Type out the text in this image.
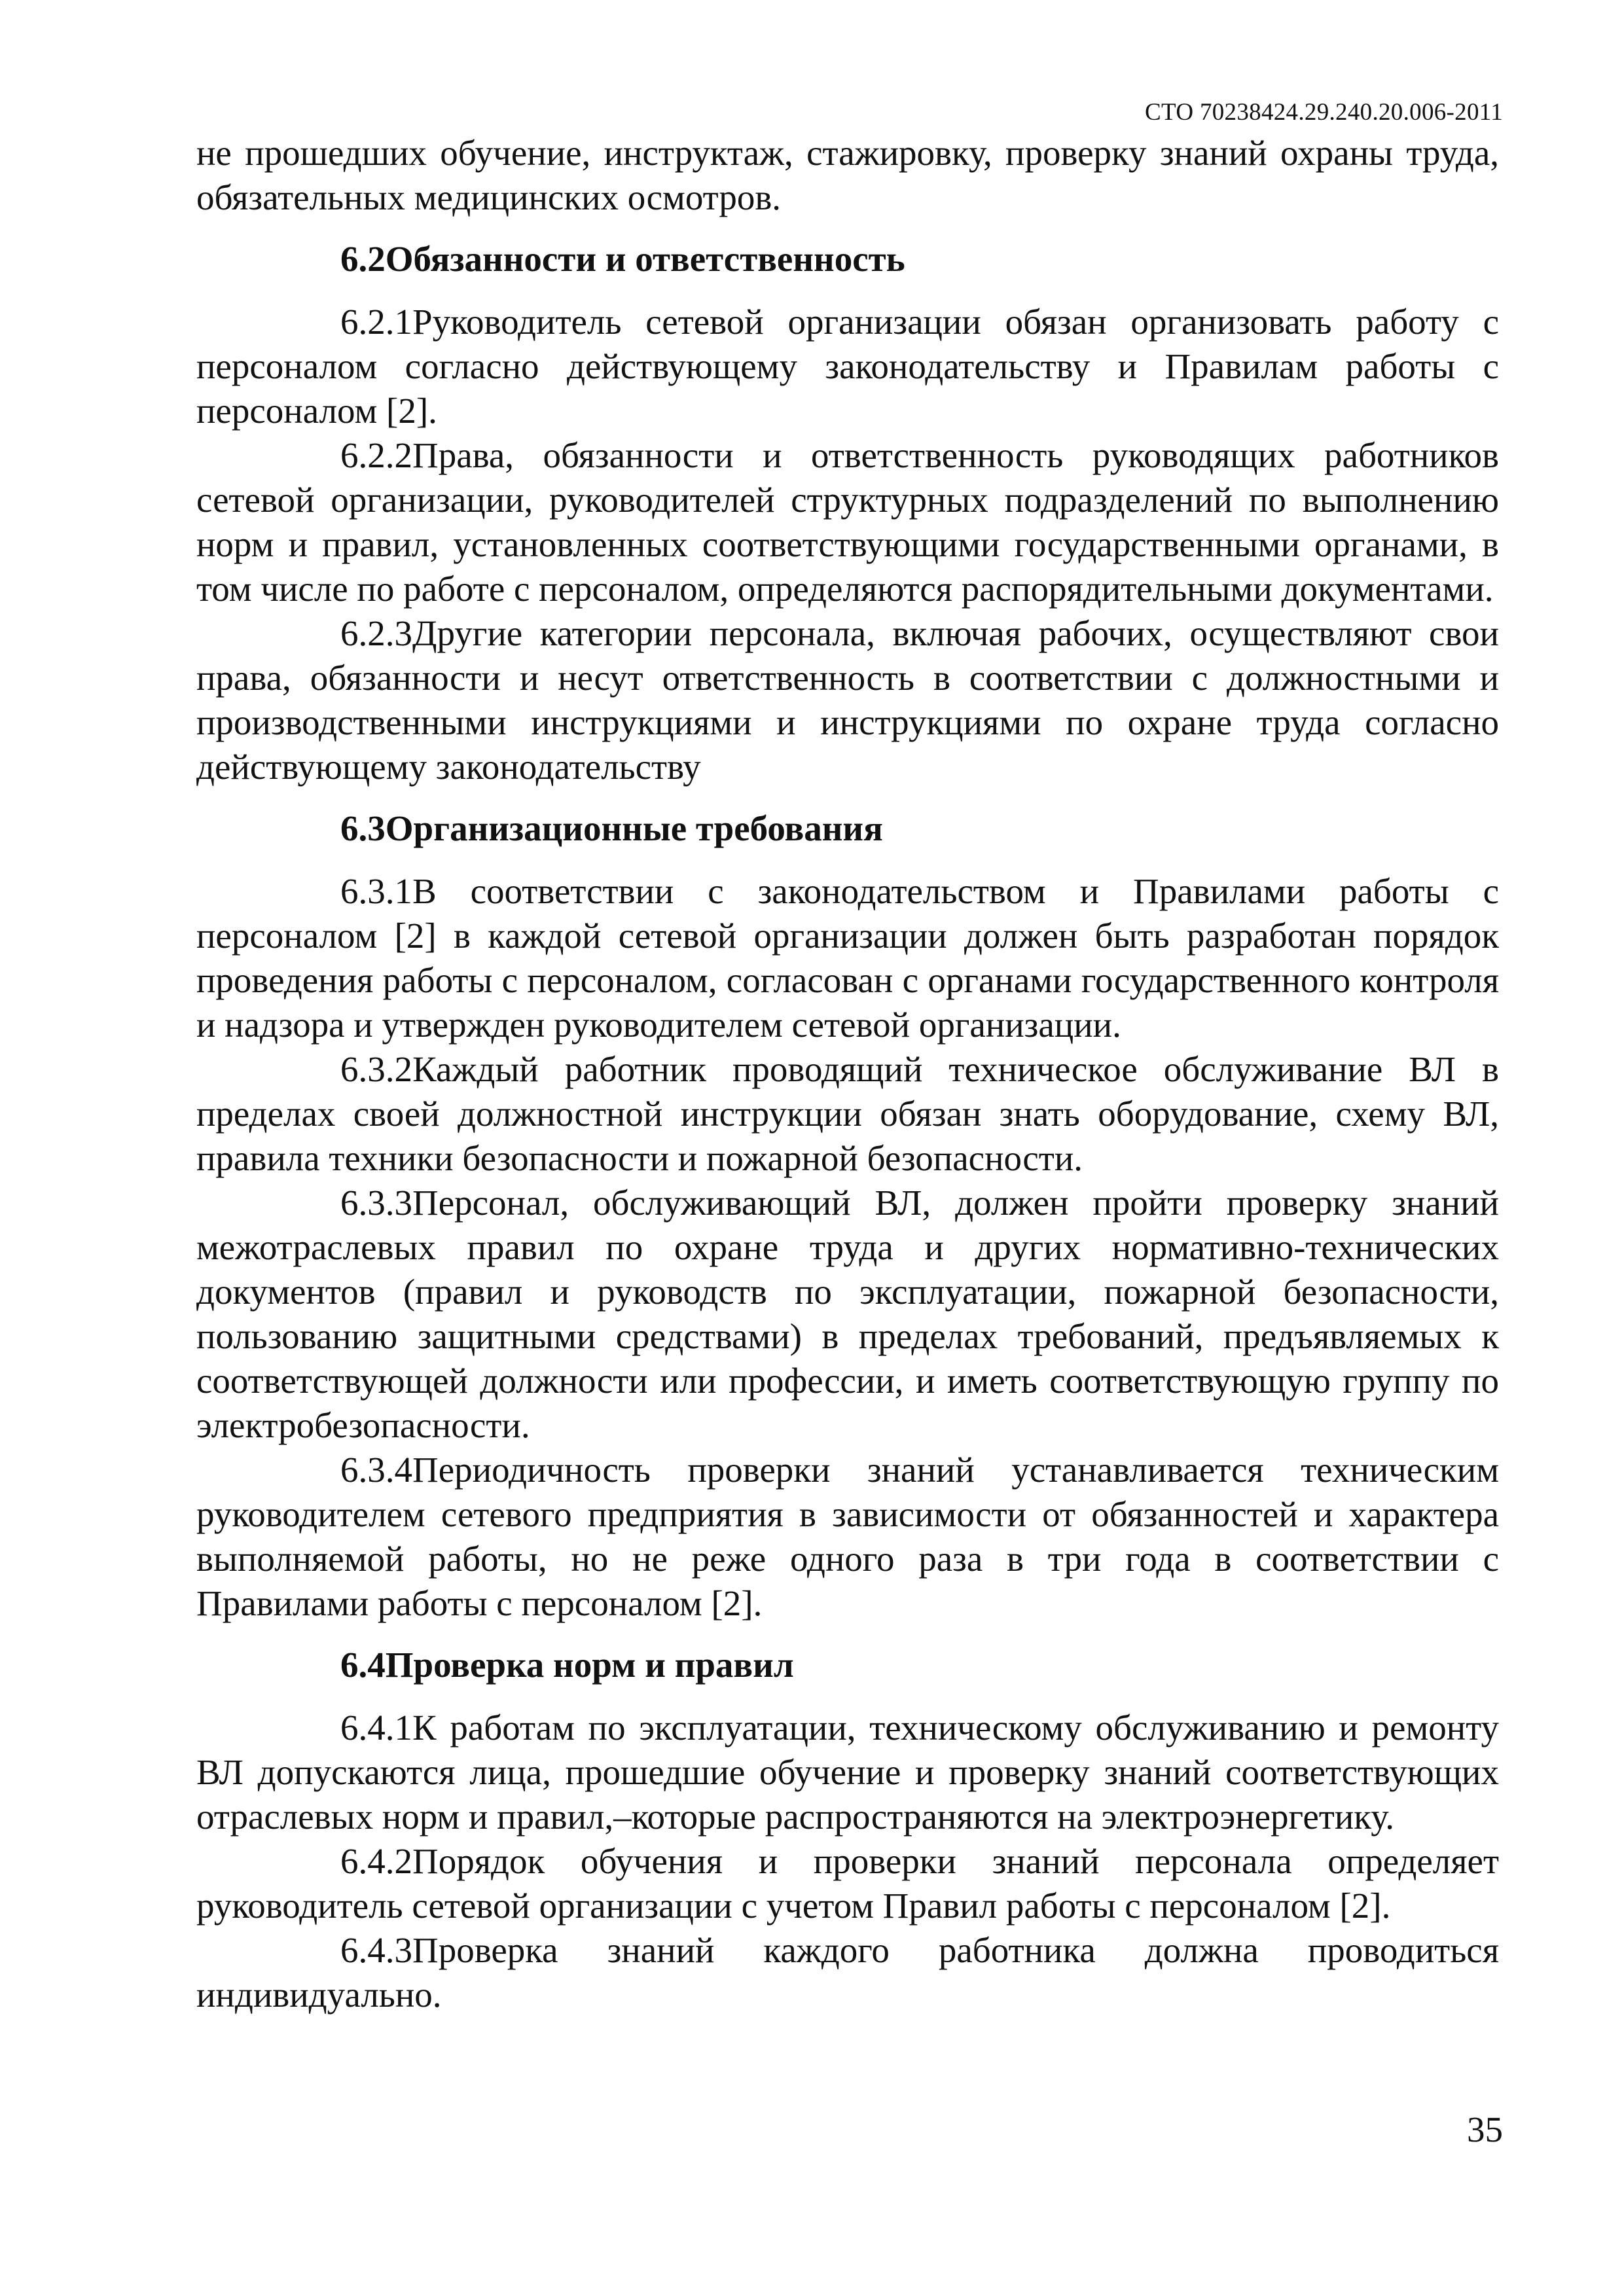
СТО 70238424.29.240.20.006-2011

не прошедших обучение, инструктаж, стажировку, проверку знаний охраны труда, обязательных медицинских осмотров.

6.2Обязанности и ответственность

6.2.1Руководитель сетевой организации обязан организовать работу с персоналом согласно действующему законодательству и Правилам работы с персоналом [2].

6.2.2Права, обязанности и ответственность руководящих работников сетевой организации, руководителей структурных подразделений по выполнению норм и правил, установленных соответствующими государственными органами, в том числе по работе с персоналом, определяются распорядительными документами.

6.2.3Другие категории персонала, включая рабочих, осуществляют свои права, обязанности и несут ответственность в соответствии с должностными и производственными инструкциями и инструкциями по охране труда согласно действующему законодательству

6.3Организационные требования

6.3.1В соответствии с законодательством и Правилами работы с персоналом [2] в каждой сетевой организации должен быть разработан порядок проведения работы с персоналом, согласован с органами государственного контроля и надзора и утвержден руководителем сетевой организации.

6.3.2Каждый работник проводящий техническое обслуживание ВЛ в пределах своей должностной инструкции обязан знать оборудование, схему ВЛ, правила техники безопасности и пожарной безопасности.

6.3.3Персонал, обслуживающий ВЛ, должен пройти проверку знаний межотраслевых правил по охране труда и других нормативно-технических документов (правил и руководств по эксплуатации, пожарной безопасности, пользованию защитными средствами) в пределах требований, предъявляемых к соответствующей должности или профессии, и иметь соответствующую группу по электробезопасности.

6.3.4Периодичность проверки знаний устанавливается техническим руководителем сетевого предприятия в зависимости от обязанностей и характера выполняемой работы, но не реже одного раза в три года в соответствии с Правилами работы с персоналом [2].

6.4Проверка норм и правил

6.4.1К работам по эксплуатации, техническому обслуживанию и ремонту ВЛ допускаются лица, прошедшие обучение и проверку знаний соответствующих отраслевых норм и правил,–которые распространяются на электроэнергетику.

6.4.2Порядок обучения и проверки знаний персонала определяет руководитель сетевой организации с учетом Правил работы с персоналом [2].

6.4.3Проверка знаний каждого работника должна проводиться индивидуально.

35
